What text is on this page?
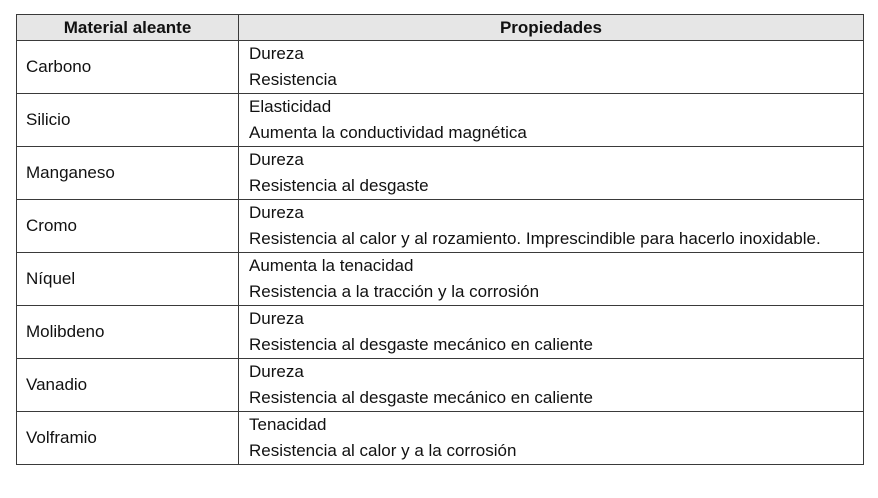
Material aleante	Propiedades
Carbono	Dureza
Resistencia

Silicio	Elasticidad
Aumenta la conductividad magnética

Manganeso	Dureza
Resistencia al desgaste

Cromo	Dureza
Resistencia al calor y al rozamiento. Imprescindible para hacerlo inoxidable.

Níquel	Aumenta la tenacidad
Resistencia a la tracción y la corrosión

Molibdeno	Dureza
Resistencia al desgaste mecánico en caliente

Vanadio	Dureza
Resistencia al desgaste mecánico en caliente

Volframio	Tenacidad
Resistencia al calor y a la corrosión
